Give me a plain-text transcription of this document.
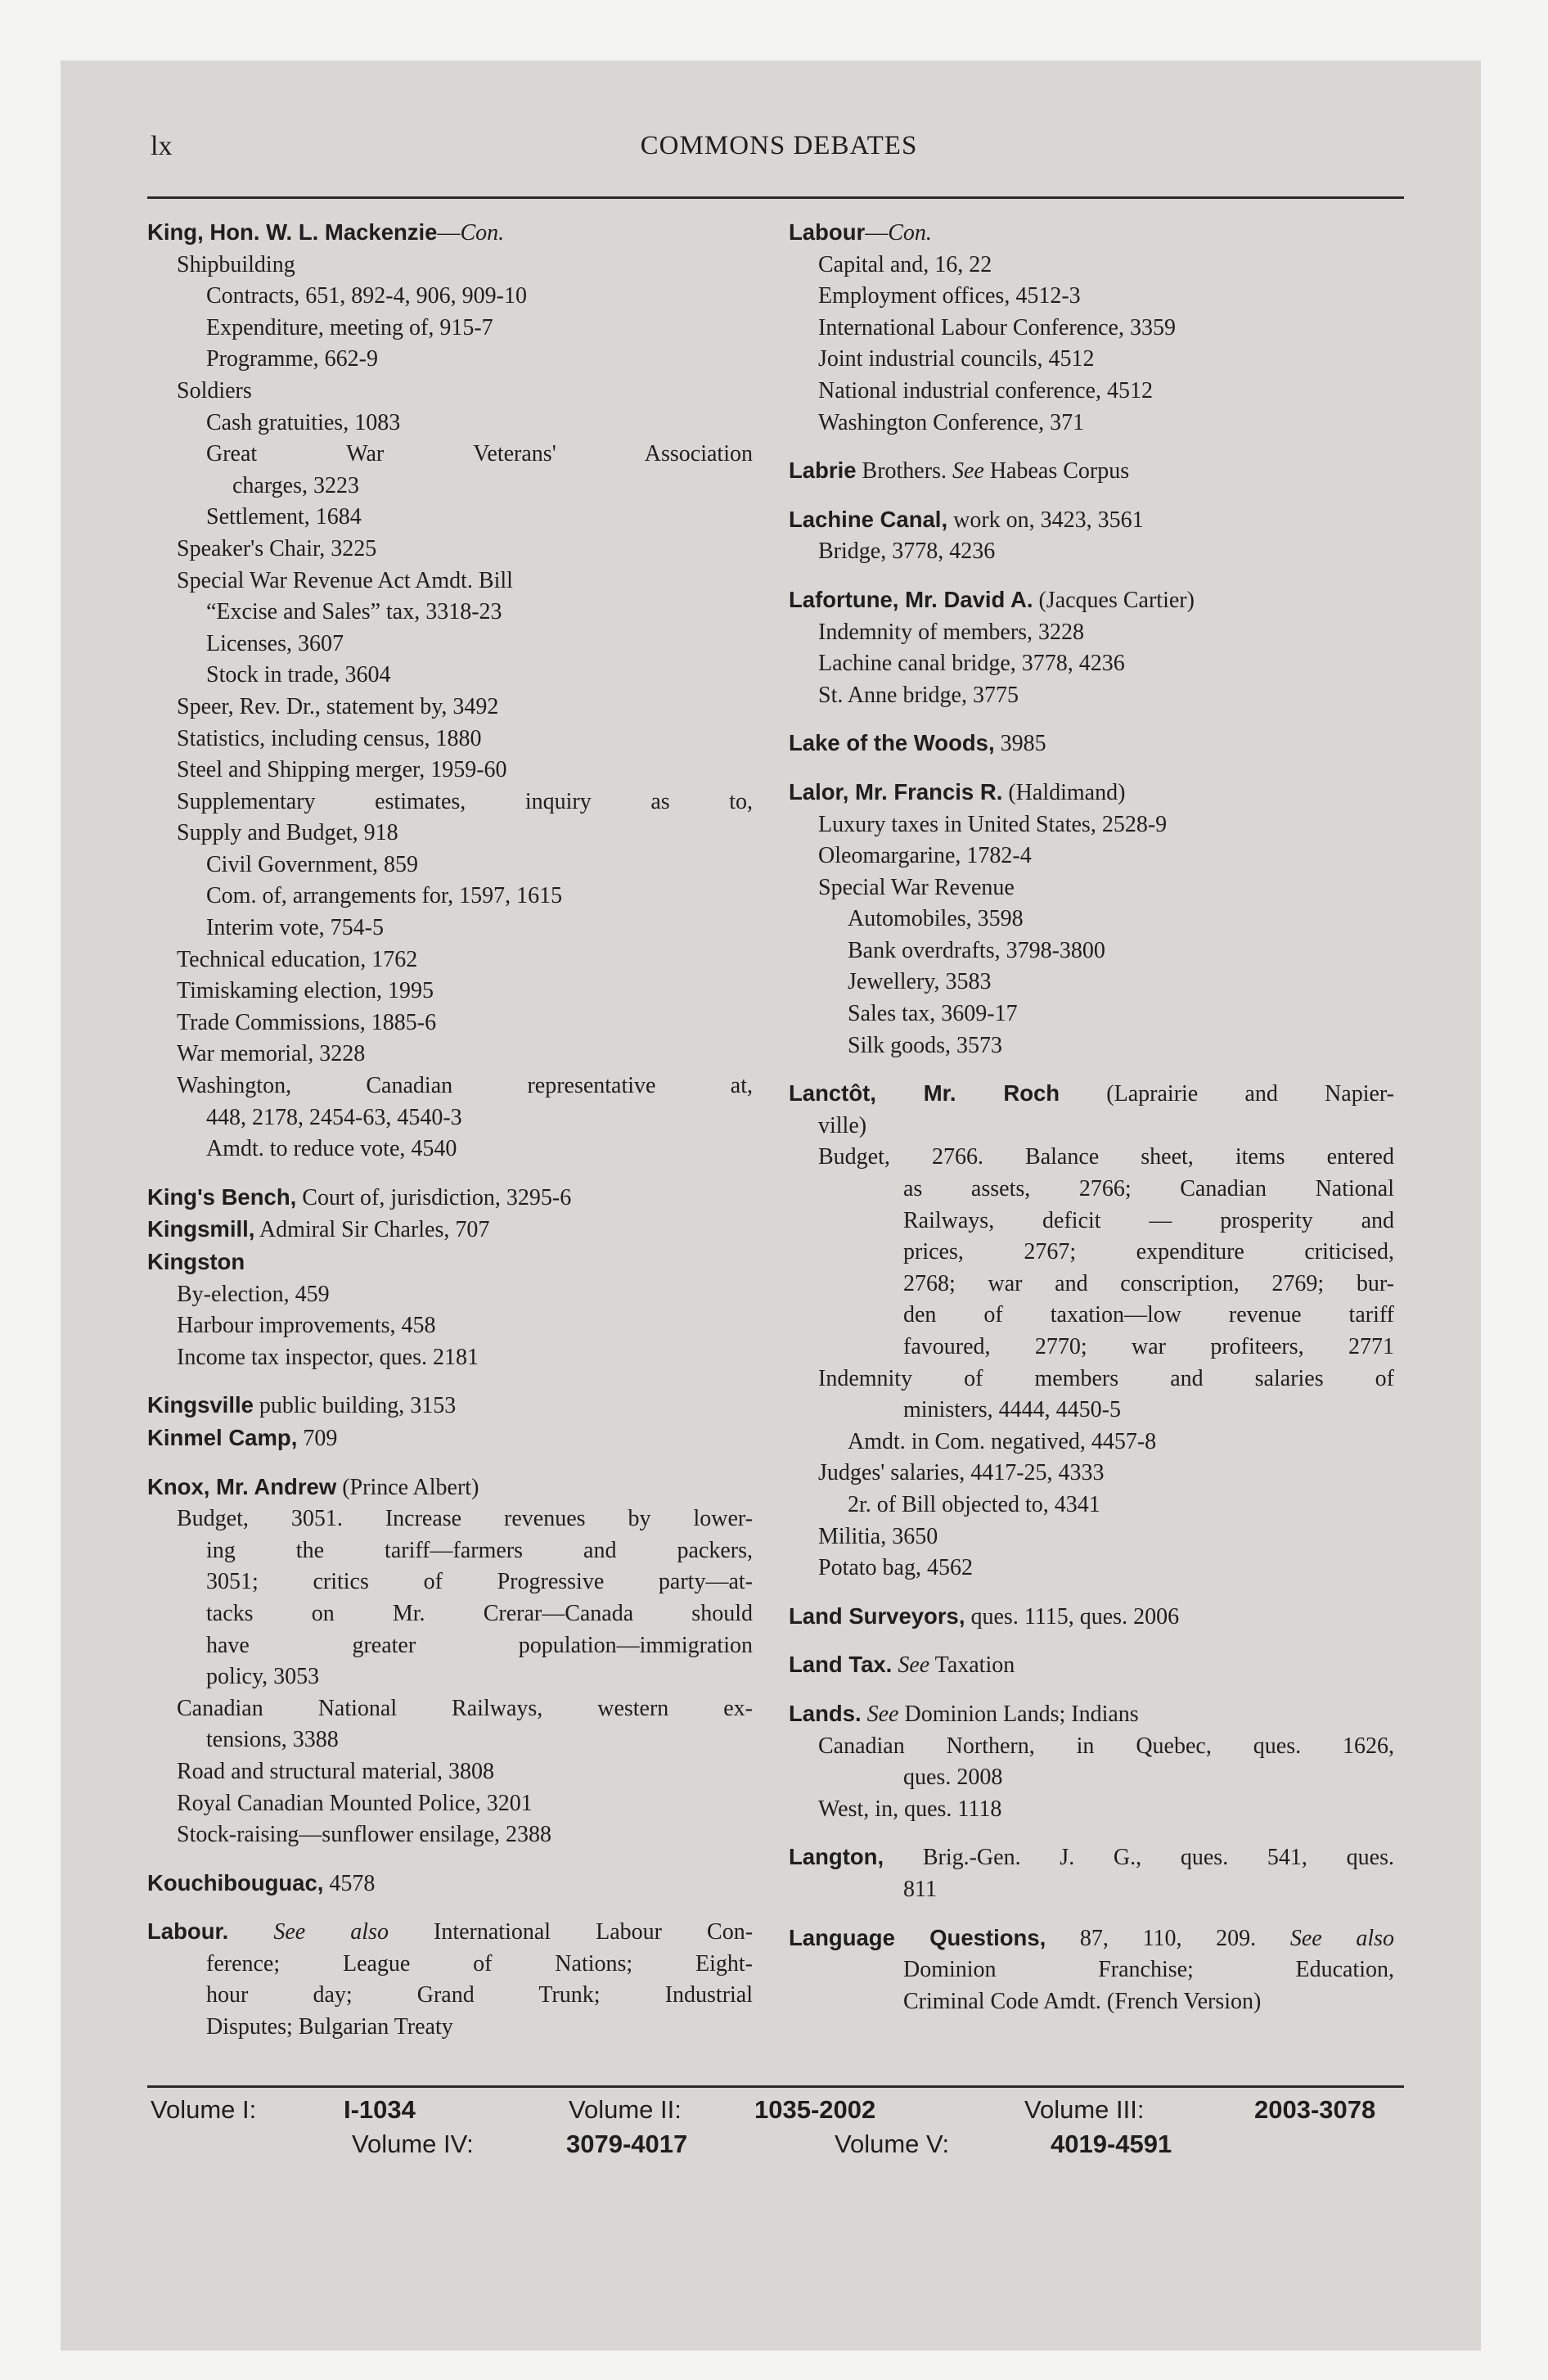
lx	COMMONS DEBATES
King, Hon. W. L. Mackenzie—Con.
Shipbuilding
Contracts, 651, 892-4, 906, 909-10
Expenditure, meeting of, 915-7
Programme, 662-9
Soldiers
Cash gratuities, 1083
Great War Veterans' Association
charges, 3223
Settlement, 1684
Speaker's Chair, 3225
Special War Revenue Act Amdt. Bill
“Excise and Sales” tax, 3318-23
Licenses, 3607
Stock in trade, 3604
Speer, Rev. Dr., statement by, 3492
Statistics, including census, 1880
Steel and Shipping merger, 1959-60
Supplementary estimates, inquiry as to,
Supply and Budget, 918
Civil Government, 859
Com. of, arrangements for, 1597, 1615
Interim vote, 754-5
Technical education, 1762
Timiskaming election, 1995
Trade Commissions, 1885-6
War memorial, 3228
Washington, Canadian representative at,
448, 2178, 2454-63, 4540-3
Amdt. to reduce vote, 4540
King's Bench, Court of, jurisdiction, 3295-6
Kingsmill, Admiral Sir Charles, 707
Kingston
By-election, 459
Harbour improvements, 458
Income tax inspector, ques. 2181
Kingsville public building, 3153
Kinmel Camp, 709
Knox, Mr. Andrew (Prince Albert)
Budget, 3051. Increase revenues by lower-
ing the tariff—farmers and packers,
3051; critics of Progressive party—at-
tacks on Mr. Crerar—Canada should
have greater population—immigration
policy, 3053
Canadian National Railways, western ex-
tensions, 3388
Road and structural material, 3808
Royal Canadian Mounted Police, 3201
Stock-raising—sunflower ensilage, 2388
Kouchibouguac, 4578
Labour. See also International Labour Con-
ference; League of Nations; Eight-
hour day; Grand Trunk; Industrial
Disputes; Bulgarian Treaty
Labour—Con.
Capital and, 16, 22
Employment offices, 4512-3
International Labour Conference, 3359
Joint industrial councils, 4512
National industrial conference, 4512
Washington Conference, 371
Labrie Brothers. See Habeas Corpus
Lachine Canal, work on, 3423, 3561
Bridge, 3778, 4236
Lafortune, Mr. David A. (Jacques Cartier)
Indemnity of members, 3228
Lachine canal bridge, 3778, 4236
St. Anne bridge, 3775
Lake of the Woods, 3985
Lalor, Mr. Francis R. (Haldimand)
Luxury taxes in United States, 2528-9
Oleomargarine, 1782-4
Special War Revenue
Automobiles, 3598
Bank overdrafts, 3798-3800
Jewellery, 3583
Sales tax, 3609-17
Silk goods, 3573
Lanctôt, Mr. Roch (Laprairie and Napier-
ville)
Budget, 2766. Balance sheet, items entered
as assets, 2766; Canadian National
Railways, deficit — prosperity and
prices, 2767; expenditure criticised,
2768; war and conscription, 2769; bur-
den of taxation—low revenue tariff
favoured, 2770; war profiteers, 2771
Indemnity of members and salaries of
ministers, 4444, 4450-5
Amdt. in Com. negatived, 4457-8
Judges' salaries, 4417-25, 4333
2r. of Bill objected to, 4341
Militia, 3650
Potato bag, 4562
Land Surveyors, ques. 1115, ques. 2006
Land Tax. See Taxation
Lands. See Dominion Lands; Indians
Canadian Northern, in Quebec, ques. 1626,
ques. 2008
West, in, ques. 1118
Langton, Brig.-Gen. J. G., ques. 541, ques.
811
Language Questions, 87, 110, 209. See also
Dominion Franchise; Education,
Criminal Code Amdt. (French Version)
Volume I:	I-1034	Volume II:	1035-2002	Volume III:	2003-3078
Volume IV:	3079-4017	Volume V:	4019-4591
